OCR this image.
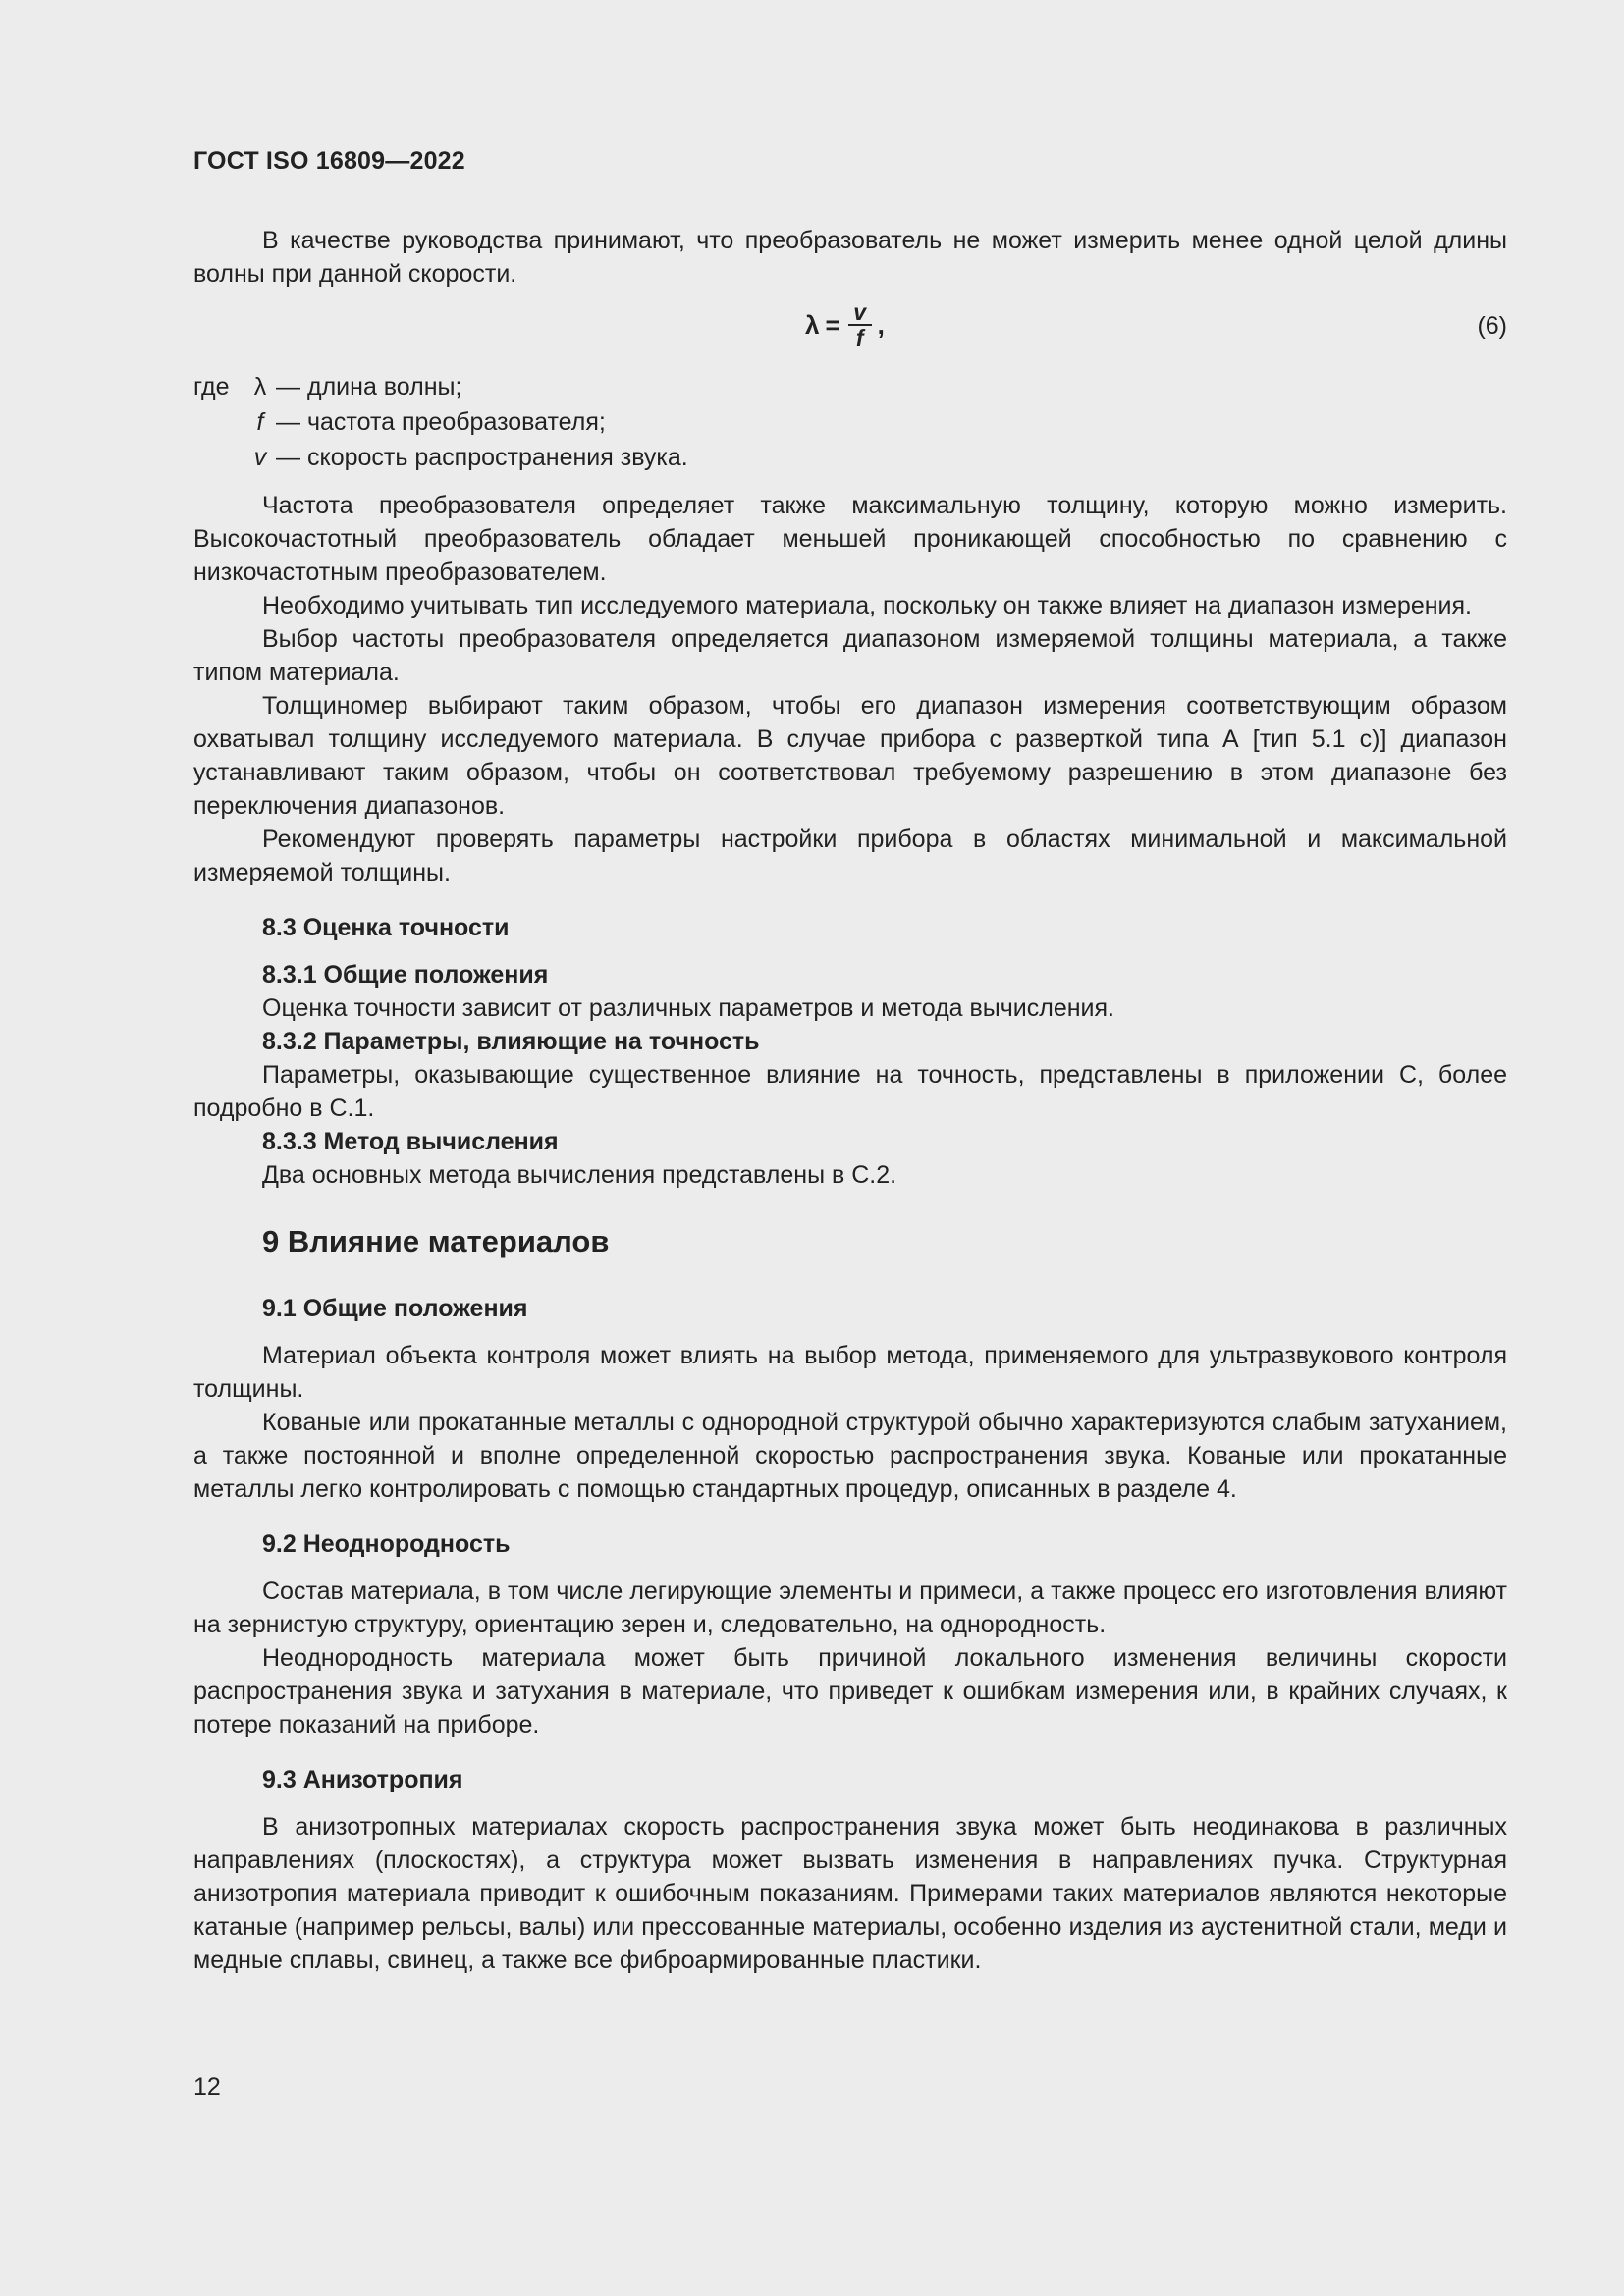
ГОСТ ISO 16809—2022

В качестве руководства принимают, что преобразователь не может измерить менее одной целой длины волны при данной скорости.

$\lambda = \frac{v}{f}$ ,	(6)
где	λ — длина волны;
f — частота преобразователя;
v — скорость распространения звука.

Частота преобразователя определяет также максимальную толщину, которую можно измерить. Высокочастотный преобразователь обладает меньшей проникающей способностью по сравнению с низкочастотным преобразователем.

Необходимо учитывать тип исследуемого материала, поскольку он также влияет на диапазон измерения.

Выбор частоты преобразователя определяется диапазоном измеряемой толщины материала, а также типом материала.

Толщиномер выбирают таким образом, чтобы его диапазон измерения соответствующим образом охватывал толщину исследуемого материала. В случае прибора с разверткой типа А [тип 5.1 с)] диапазон устанавливают таким образом, чтобы он соответствовал требуемому разрешению в этом диапазоне без переключения диапазонов.

Рекомендуют проверять параметры настройки прибора в областях минимальной и максимальной измеряемой толщины.

8.3 Оценка точности

8.3.1 Общие положения

Оценка точности зависит от различных параметров и метода вычисления.

8.3.2 Параметры, влияющие на точность

Параметры, оказывающие существенное влияние на точность, представлены в приложении С, более подробно в С.1.

8.3.3 Метод вычисления

Два основных метода вычисления представлены в С.2.

9 Влияние материалов

9.1 Общие положения

Материал объекта контроля может влиять на выбор метода, применяемого для ультразвукового контроля толщины.

Кованые или прокатанные металлы с однородной структурой обычно характеризуются слабым затуханием, а также постоянной и вполне определенной скоростью распространения звука. Кованые или прокатанные металлы легко контролировать с помощью стандартных процедур, описанных в разделе 4.

9.2 Неоднородность

Состав материала, в том числе легирующие элементы и примеси, а также процесс его изготовления влияют на зернистую структуру, ориентацию зерен и, следовательно, на однородность.

Неоднородность материала может быть причиной локального изменения величины скорости распространения звука и затухания в материале, что приведет к ошибкам измерения или, в крайних случаях, к потере показаний на приборе.

9.3 Анизотропия

В анизотропных материалах скорость распространения звука может быть неодинакова в различных направлениях (плоскостях), а структура может вызвать изменения в направлениях пучка. Структурная анизотропия материала приводит к ошибочным показаниям. Примерами таких материалов являются некоторые катаные (например рельсы, валы) или прессованные материалы, особенно изделия из аустенитной стали, меди и медные сплавы, свинец, а также все фиброармированные пластики.

12
